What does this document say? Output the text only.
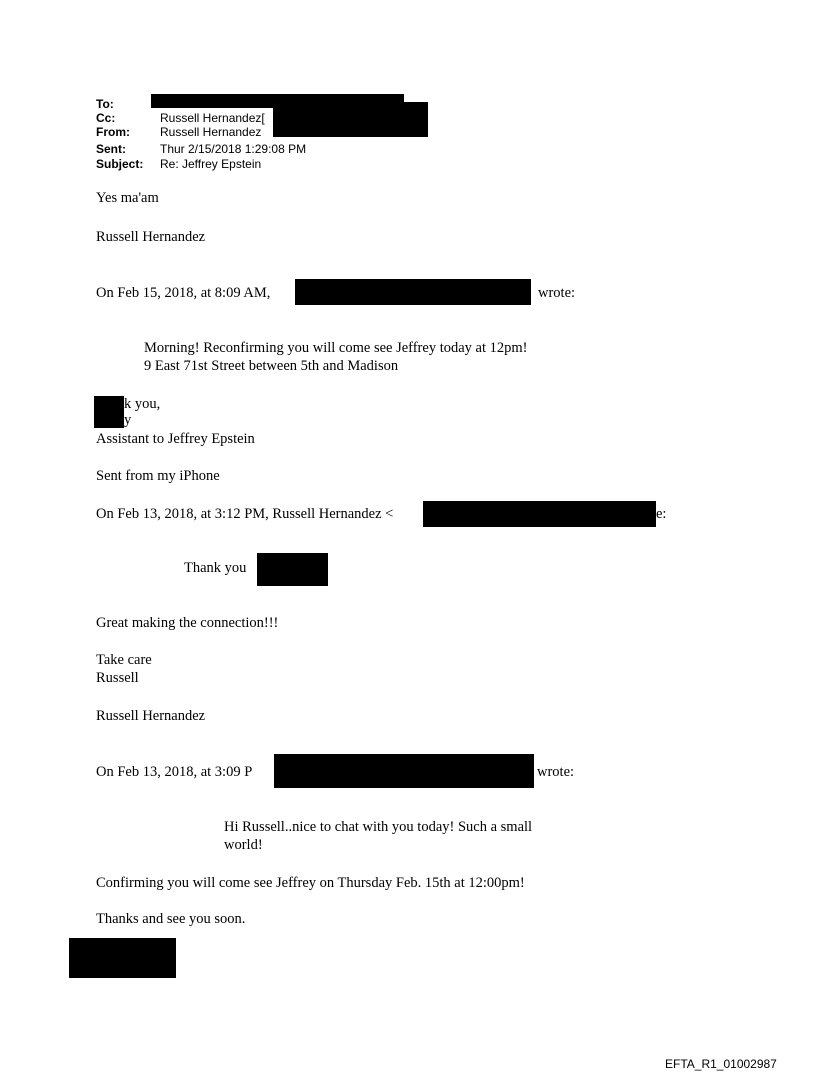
To:
Cc:	Russell Hernandez[
From:	Russell Hernandez
Sent:	Thur 2/15/2018 1:29:08 PM
Subject: Re: Jeffrey Epstein
Yes ma'am
Russell Hernandez
On Feb 15, 2018, at 8:09 AM,	wrote:
Morning! Reconfirming you will come see Jeffrey today at 12pm!
9 East 71st Street between 5th and Madison
k you,
y
Assistant to Jeffrey Epstein
Sent from my iPhone
On Feb 13, 2018, at 3:12 PM, Russell Hernandez <	e:
Thank you
Great making the connection!!!
Take care
Russell
Russell Hernandez
On Feb 13, 2018, at 3:09 P	wrote:
Hi Russell..nice to chat with you today! Such a small
world!
Confirming you will come see Jeffrey on Thursday Feb. 15th at 12:00pm!
Thanks and see you soon.
EFTA_R1_01002987
